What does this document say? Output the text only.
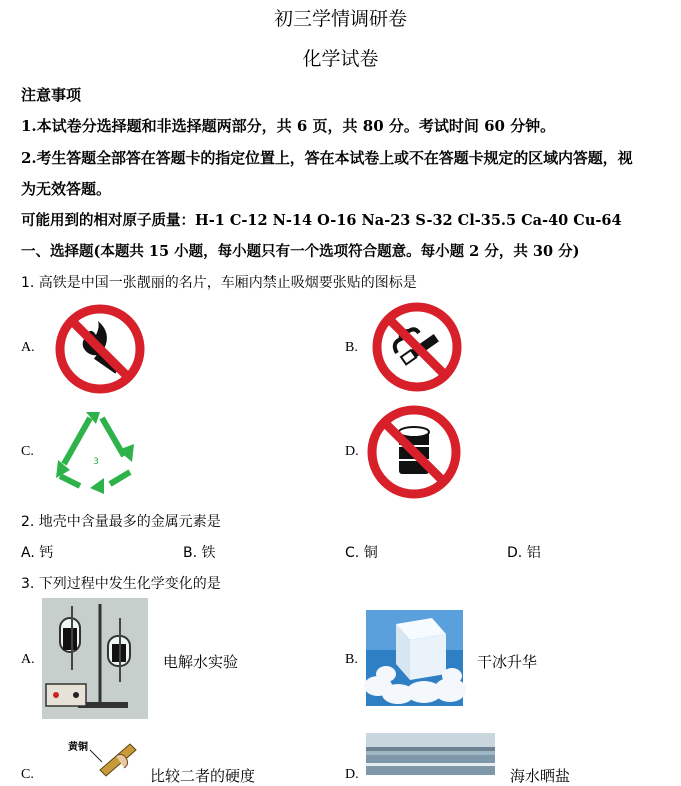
初三学情调研卷
化学试卷
注意事项
1.本试卷分选择题和非选择题两部分，共 6 页，共 80 分。考试时间 60 分钟。
2.考生答题全部答在答题卡的指定位置上，答在本试卷上或不在答题卡规定的区域内答题，视
为无效答题。
可能用到的相对原子质量：H-1 C-12 N-14 O-16 Na-23 S-32 Cl-35.5 Ca-40 Cu-64
一、选择题(本题共 15 小题，每小题只有一个选项符合题意。每小题 2 分，共 30 分)
1. 高铁是中国一张靓丽的名片，车厢内禁止吸烟要张贴的图标是
A.	B.
C.
3
D.
2. 地壳中含量最多的金属元素是
A. 钙	B. 铁	C. 铜	D. 铝
3. 下列过程中发生化学变化的是
A.	电解水实验	B.	干冰升华
C.
黄铜
比较二者的硬度	D.	海水晒盐
